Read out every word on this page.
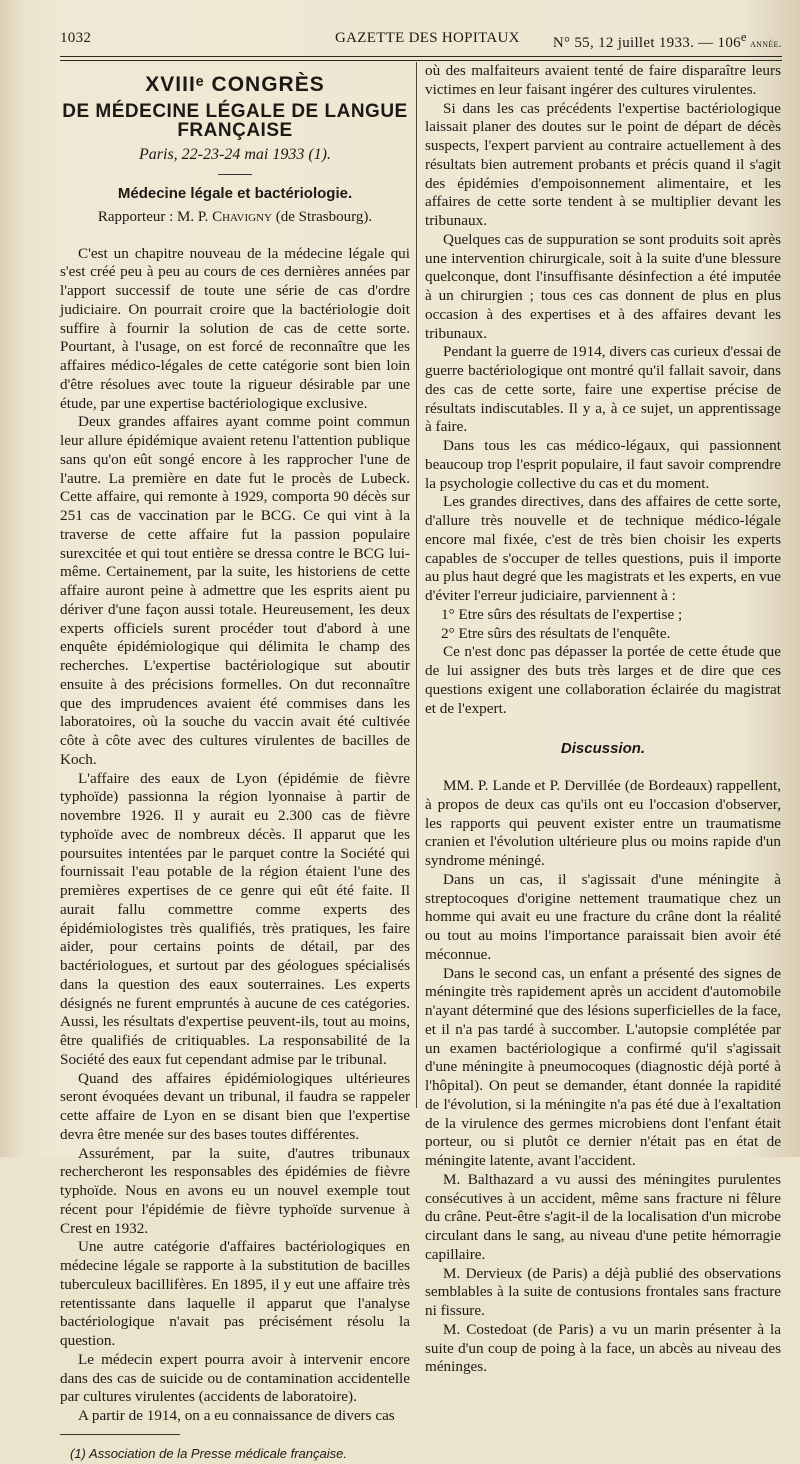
1032	GAZETTE DES HOPITAUX N° 55, 12 juillet 1933. — 106e année.
XVIIIᵉ CONGRÈS
DE MÉDECINE LÉGALE DE LANGUE FRANÇAISE
Paris, 22-23-24 mai 1933 (1).
Médecine légale et bactériologie.
Rapporteur : M. P. Chavigny (de Strasbourg).

C'est un chapitre nouveau de la médecine légale qui s'est créé peu à peu au cours de ces dernières années par l'apport successif de toute une série de cas d'ordre judiciaire. On pourrait croire que la bactériologie doit suffire à fournir la solution de cas de cette sorte. Pourtant, à l'usage, on est forcé de reconnaître que les affaires médico-légales de cette catégorie sont bien loin d'être résolues avec toute la rigueur désirable par une étude, par une expertise bactériologique exclusive.

Deux grandes affaires ayant comme point commun leur allure épidémique avaient retenu l'attention publique sans qu'on eût songé encore à les rapprocher l'une de l'autre. La première en date fut le procès de Lubeck. Cette affaire, qui remonte à 1929, comporta 90 décès sur 251 cas de vaccination par le BCG. Ce qui vint à la traverse de cette affaire fut la passion populaire surexcitée et qui tout entière se dressa contre le BCG lui-même. Certainement, par la suite, les historiens de cette affaire auront peine à admettre que les esprits aient pu dériver d'une façon aussi totale. Heureusement, les deux experts officiels surent procéder tout d'abord à une enquête épidémiologique qui délimita le champ des recherches. L'expertise bactériologique sut aboutir ensuite à des précisions formelles. On dut reconnaître que des imprudences avaient été commises dans les laboratoires, où la souche du vaccin avait été cultivée côte à côte avec des cultures virulentes de bacilles de Koch.

L'affaire des eaux de Lyon (épidémie de fièvre typhoïde) passionna la région lyonnaise à partir de novembre 1926. Il y aurait eu 2.300 cas de fièvre typhoïde avec de nombreux décès. Il apparut que les poursuites intentées par le parquet contre la Société qui fournissait l'eau potable de la région étaient l'une des premières expertises de ce genre qui eût été faite. Il aurait fallu commettre comme experts des épidémiologistes très qualifiés, très pratiques, les faire aider, pour certains points de détail, par des bactériologues, et surtout par des géologues spécialisés dans la question des eaux souterraines. Les experts désignés ne furent empruntés à aucune de ces catégories. Aussi, les résultats d'expertise peuvent-ils, tout au moins, être qualifiés de critiquables. La responsabilité de la Société des eaux fut cependant admise par le tribunal.

Quand des affaires épidémiologiques ultérieures seront évoquées devant un tribunal, il faudra se rappeler cette affaire de Lyon en se disant bien que l'expertise devra être menée sur des bases toutes différentes.

Assurément, par la suite, d'autres tribunaux rechercheront les responsables des épidémies de fièvre typhoïde. Nous en avons eu un nouvel exemple tout récent pour l'épidémie de fièvre typhoïde survenue à Crest en 1932.

Une autre catégorie d'affaires bactériologiques en médecine légale se rapporte à la substitution de bacilles tuberculeux bacillifères. En 1895, il y eut une affaire très retentissante dans laquelle il apparut que l'analyse bactériologique n'avait pas précisément résolu la question.

Le médecin expert pourra avoir à intervenir encore dans des cas de suicide ou de contamination accidentelle par cultures virulentes (accidents de laboratoire).

A partir de 1914, on a eu connaissance de divers cas

(1) Association de la Presse médicale française.

où des malfaiteurs avaient tenté de faire disparaître leurs victimes en leur faisant ingérer des cultures virulentes.

Si dans les cas précédents l'expertise bactériologique laissait planer des doutes sur le point de départ de décès suspects, l'expert parvient au contraire actuellement à des résultats bien autrement probants et précis quand il s'agit des épidémies d'empoisonnement alimentaire, et les affaires de cette sorte tendent à se multiplier devant les tribunaux.

Quelques cas de suppuration se sont produits soit après une intervention chirurgicale, soit à la suite d'une blessure quelconque, dont l'insuffisante désinfection a été imputée à un chirurgien ; tous ces cas donnent de plus en plus occasion à des expertises et à des affaires devant les tribunaux.

Pendant la guerre de 1914, divers cas curieux d'essai de guerre bactériologique ont montré qu'il fallait savoir, dans des cas de cette sorte, faire une expertise précise de résultats indiscutables. Il y a, à ce sujet, un apprentissage à faire.

Dans tous les cas médico-légaux, qui passionnent beaucoup trop l'esprit populaire, il faut savoir comprendre la psychologie collective du cas et du moment.

Les grandes directives, dans des affaires de cette sorte, d'allure très nouvelle et de technique médico-légale encore mal fixée, c'est de très bien choisir les experts capables de s'occuper de telles questions, puis il importe au plus haut degré que les magistrats et les experts, en vue d'éviter l'erreur judiciaire, parviennent à :

1° Etre sûrs des résultats de l'expertise ;

2° Etre sûrs des résultats de l'enquête.

Ce n'est donc pas dépasser la portée de cette étude que de lui assigner des buts très larges et de dire que ces questions exigent une collaboration éclairée du magistrat et de l'expert.

Discussion.

MM. P. Lande et P. Dervillée (de Bordeaux) rappellent, à propos de deux cas qu'ils ont eu l'occasion d'observer, les rapports qui peuvent exister entre un traumatisme cranien et l'évolution ultérieure plus ou moins rapide d'un syndrome méningé.

Dans un cas, il s'agissait d'une méningite à streptocoques d'origine nettement traumatique chez un homme qui avait eu une fracture du crâne dont la réalité ou tout au moins l'importance paraissait bien avoir été méconnue.

Dans le second cas, un enfant a présenté des signes de méningite très rapidement après un accident d'automobile n'ayant déterminé que des lésions superficielles de la face, et il n'a pas tardé à succomber. L'autopsie complétée par un examen bactériologique a confirmé qu'il s'agissait d'une méningite à pneumocoques (diagnostic déjà porté à l'hôpital). On peut se demander, étant donnée la rapidité de l'évolution, si la méningite n'a pas été due à l'exaltation de la virulence des germes microbiens dont l'enfant était porteur, ou si plutôt ce dernier n'était pas en état de méningite latente, avant l'accident.

M. Balthazard a vu aussi des méningites purulentes consécutives à un accident, même sans fracture ni fêlure du crâne. Peut-être s'agit-il de la localisation d'un microbe circulant dans le sang, au niveau d'une petite hémorragie capillaire.

M. Dervieux (de Paris) a déjà publié des observations semblables à la suite de contusions frontales sans fracture ni fissure.

M. Costedoat (de Paris) a vu un marin présenter à la suite d'un coup de poing à la face, un abcès au niveau des méninges.
